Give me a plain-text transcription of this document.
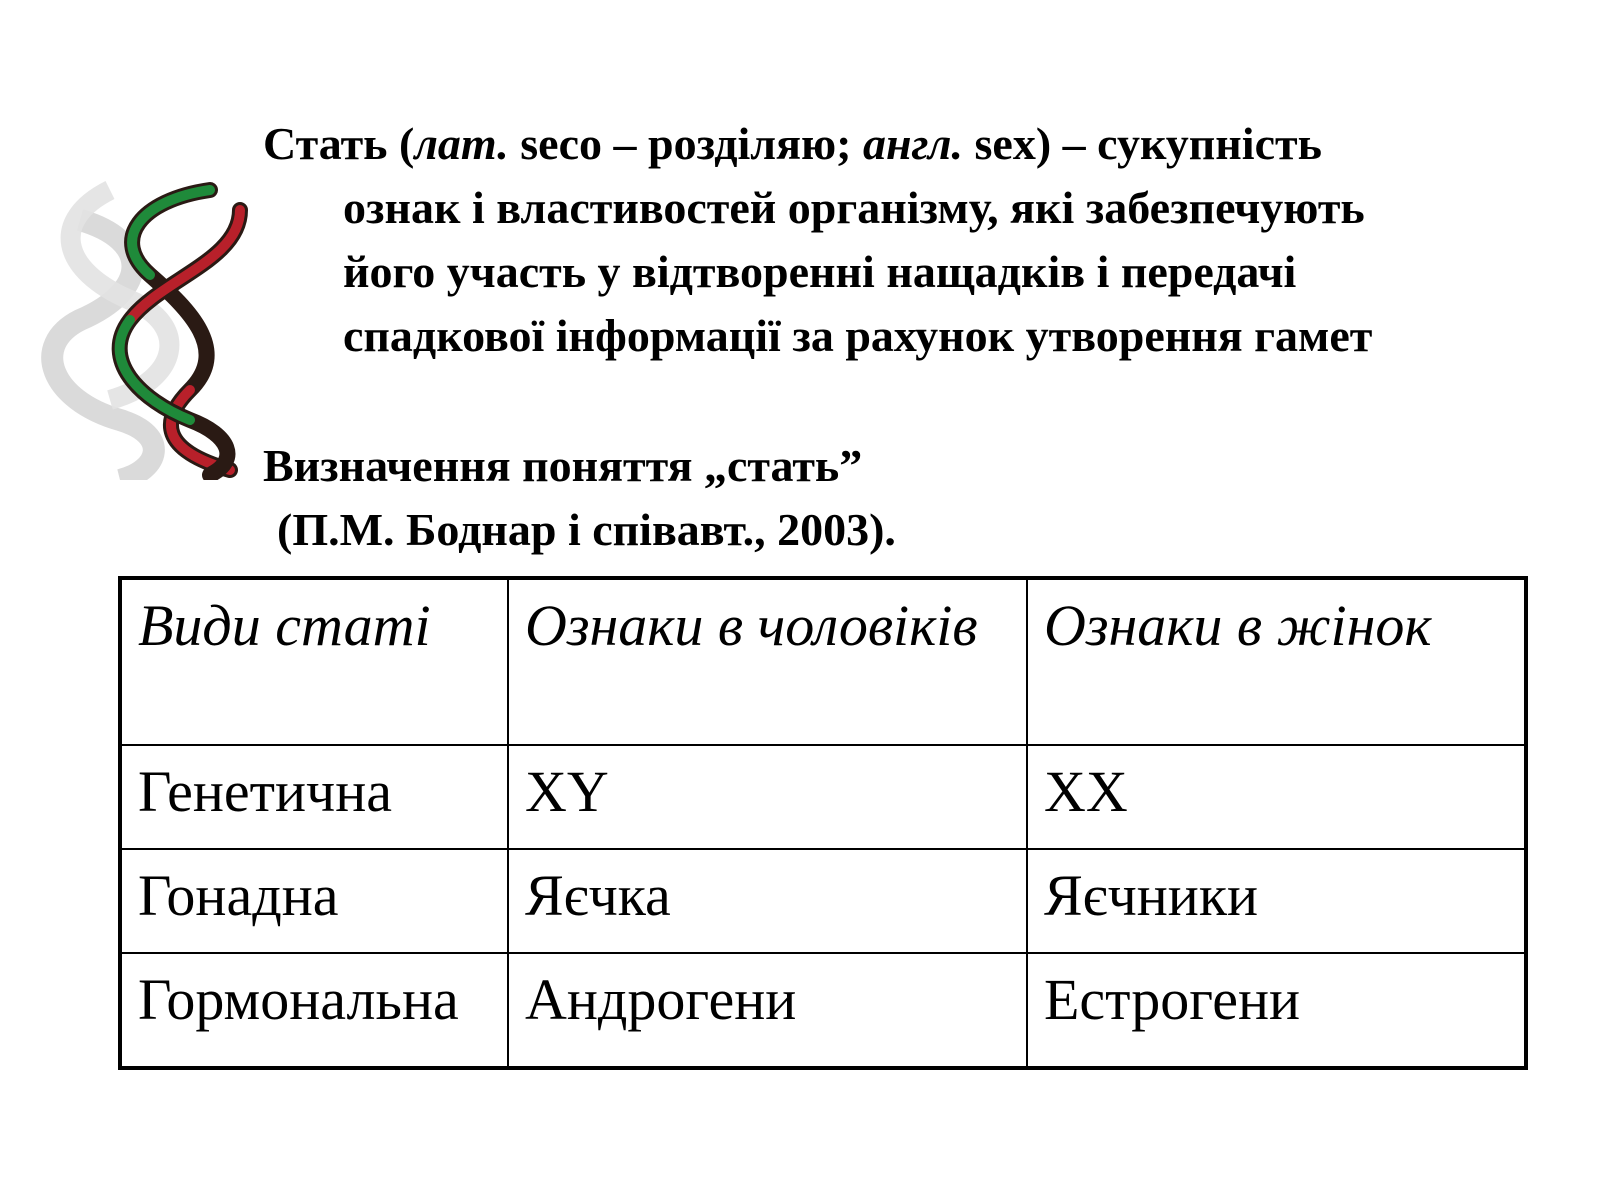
Стать (лат. seco – розділяю; англ. sex) – сукупність
ознак і властивостей організму, які забезпечують
його участь у відтворенні нащадків і передачі
спадкової інформації за рахунок утворення гамет

Визначення поняття „стать”
(П.М. Боднар і співавт., 2003).

Види статі	Ознаки в чоловіків	Ознаки в жінок
Генетична	XY	XX
Гонадна	Яєчка	Яєчники
Гормональна	Андрогени	Естрогени
